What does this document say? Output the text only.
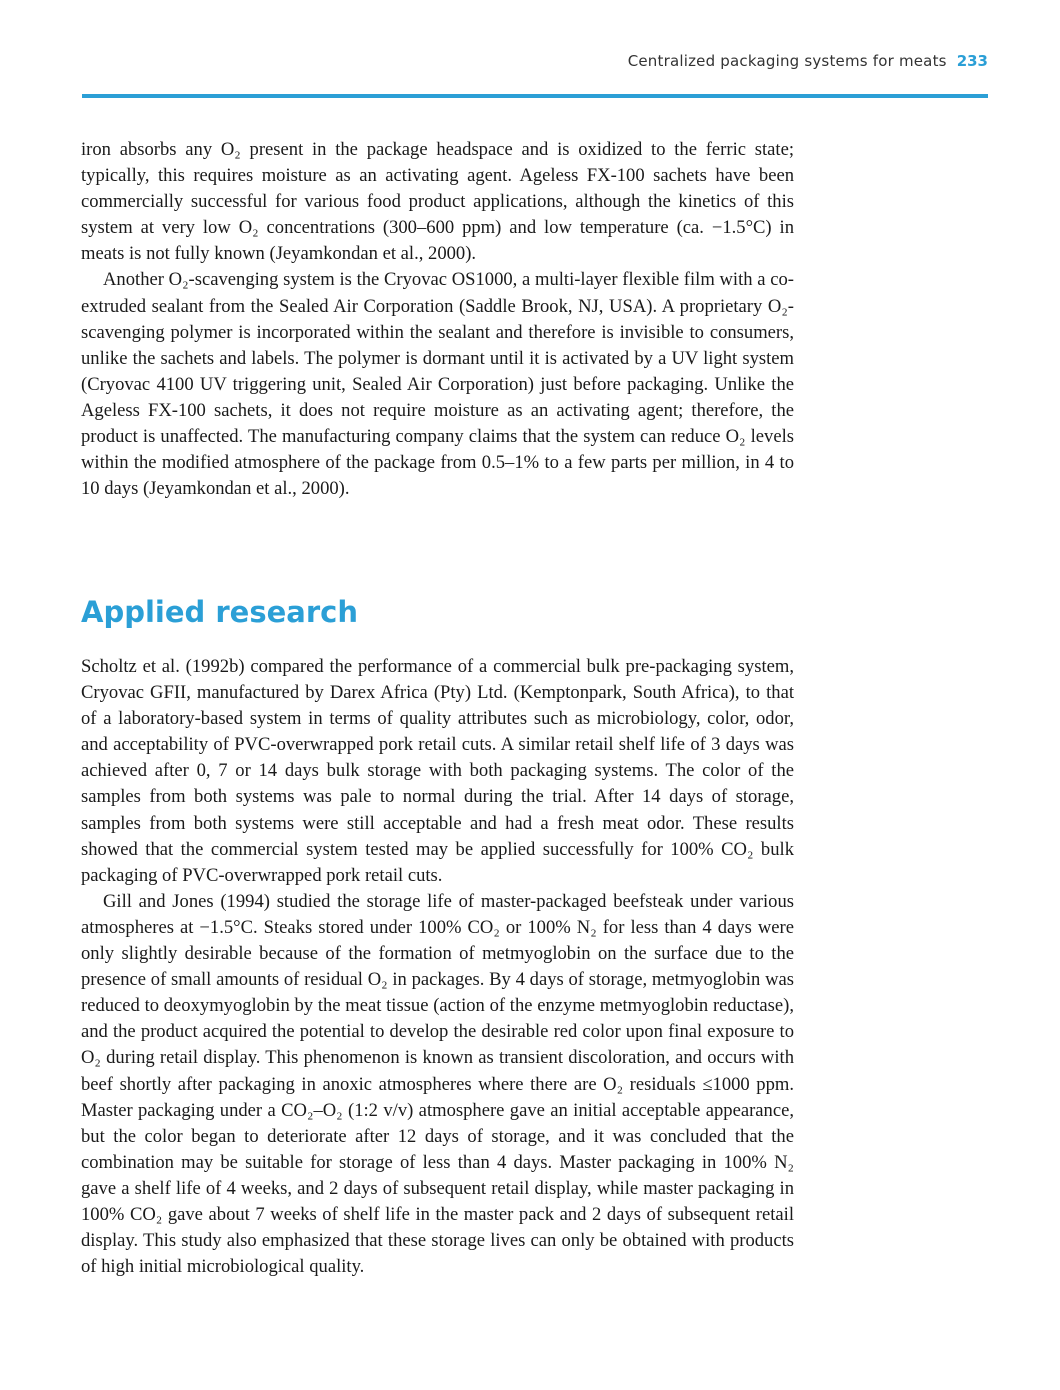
Centralized packaging systems for meats 233

iron absorbs any O₂ present in the package headspace and is oxidized to the ferric state; typically, this requires moisture as an activating agent. Ageless FX-100 sachets have been commercially successful for various food product applications, although the kinetics of this system at very low O₂ concentrations (300–600 ppm) and low temperature (ca. −1.5°C) in meats is not fully known (Jeyamkondan et al., 2000).

Another O₂-scavenging system is the Cryovac OS1000, a multi-layer flexible film with a co-extruded sealant from the Sealed Air Corporation (Saddle Brook, NJ, USA). A proprietary O₂-scavenging polymer is incorporated within the sealant and therefore is invisible to consumers, unlike the sachets and labels. The polymer is dormant until it is activated by a UV light system (Cryovac 4100 UV triggering unit, Sealed Air Corporation) just before packaging. Unlike the Ageless FX-100 sachets, it does not require moisture as an activating agent; therefore, the product is unaffected. The manufacturing company claims that the system can reduce O₂ levels within the modified atmosphere of the package from 0.5–1% to a few parts per million, in 4 to 10 days (Jeyamkondan et al., 2000).

Applied research

Scholtz et al. (1992b) compared the performance of a commercial bulk pre-packaging system, Cryovac GFII, manufactured by Darex Africa (Pty) Ltd. (Kemptonpark, South Africa), to that of a laboratory-based system in terms of quality attributes such as microbiology, color, odor, and acceptability of PVC-overwrapped pork retail cuts. A similar retail shelf life of 3 days was achieved after 0, 7 or 14 days bulk storage with both packaging systems. The color of the samples from both systems was pale to normal during the trial. After 14 days of storage, samples from both systems were still acceptable and had a fresh meat odor. These results showed that the commercial system tested may be applied successfully for 100% CO₂ bulk packaging of PVC-overwrapped pork retail cuts.

Gill and Jones (1994) studied the storage life of master-packaged beefsteak under various atmospheres at −1.5°C. Steaks stored under 100% CO₂ or 100% N₂ for less than 4 days were only slightly desirable because of the formation of metmyoglobin on the surface due to the presence of small amounts of residual O₂ in packages. By 4 days of storage, metmyoglobin was reduced to deoxymyoglobin by the meat tissue (action of the enzyme metmyoglobin reductase), and the product acquired the potential to develop the desirable red color upon final exposure to O₂ during retail display. This phenomenon is known as transient discoloration, and occurs with beef shortly after packaging in anoxic atmospheres where there are O₂ residuals ≤1000 ppm. Master packaging under a CO₂–O₂ (1:2 v/v) atmosphere gave an initial acceptable appearance, but the color began to deteriorate after 12 days of storage, and it was concluded that the combination may be suitable for storage of less than 4 days. Master packaging in 100% N₂ gave a shelf life of 4 weeks, and 2 days of subsequent retail display, while master packaging in 100% CO₂ gave about 7 weeks of shelf life in the master pack and 2 days of subsequent retail display. This study also emphasized that these storage lives can only be obtained with products of high initial microbiological quality.
